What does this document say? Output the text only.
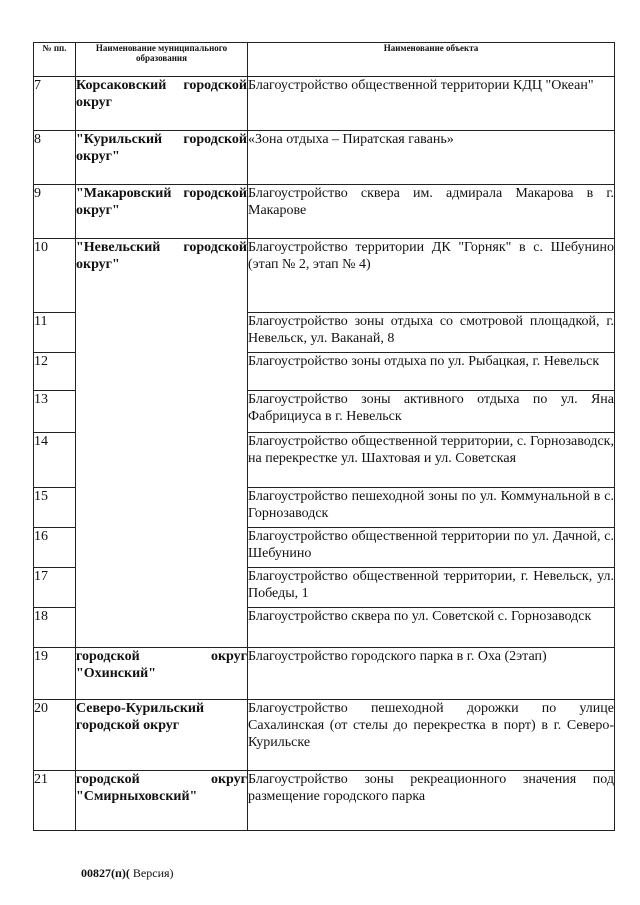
№ пп.	Наименование муниципального образования	Наименование объекта
7	Корсаковский городской округ	Благоустройство общественной территории КДЦ "Океан"
8	"Курильский городской округ"	«Зона отдыха – Пиратская гавань»
9	"Макаровский городской округ"	Благоустройство сквера им. адмирала Макарова в г. Макарове
10	"Невельский городской округ"	Благоустройство территории ДК "Горняк" в с. Шебунино (этап № 2, этап № 4)
11		Благоустройство зоны отдыха со смотровой площадкой, г. Невельск, ул. Ваканай, 8
12		Благоустройство зоны отдыха по ул. Рыбацкая, г. Невельск
13		Благоустройство зоны активного отдыха по ул. Яна Фабрициуса в г. Невельск
14		Благоустройство общественной территории, с. Горнозаводск, на перекрестке ул. Шахтовая и ул. Советская
15		Благоустройство пешеходной зоны по ул. Коммунальной в с. Горнозаводск
16		Благоустройство общественной территории по ул. Дачной, с. Шебунино
17		Благоустройство общественной территории, г. Невельск, ул. Победы, 1
18		Благоустройство сквера по ул. Советской с. Горнозаводск
19	городской округ "Охинский"	Благоустройство городского парка в г. Оха (2этап)
20	Северо-Курильский городской округ	Благоустройство пешеходной дорожки по улице Сахалинская (от стелы до перекрестка в порт) в г. Северо-Курильске
21	городской округ "Смирныховский"	Благоустройство зоны рекреационного значения под размещение городского парка
00827(п)( Версия)
